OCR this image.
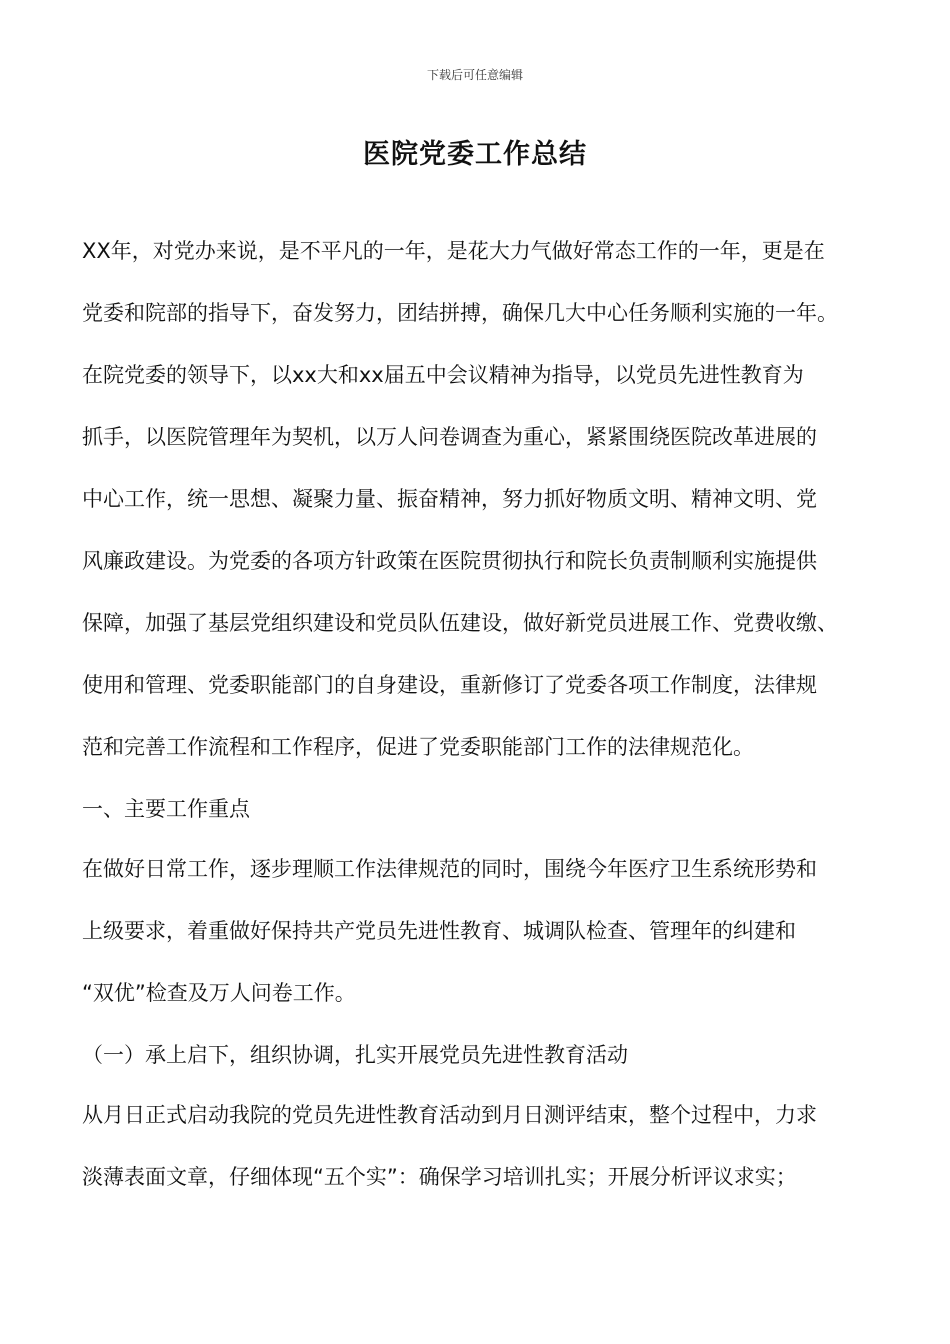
下载后可任意编辑
医院党委工作总结
XX年，对党办来说，是不平凡的一年，是花大力气做好常态工作的一年，更是在
党委和院部的指导下，奋发努力，团结拼搏，确保几大中心任务顺利实施的一年。
在院党委的领导下，以xx大和xx届五中会议精神为指导，以党员先进性教育为
抓手，以医院管理年为契机，以万人问卷调查为重心，紧紧围绕医院改革进展的
中心工作，统一思想、凝聚力量、振奋精神，努力抓好物质文明、精神文明、党
风廉政建设。为党委的各项方针政策在医院贯彻执行和院长负责制顺利实施提供
保障，加强了基层党组织建设和党员队伍建设，做好新党员进展工作、党费收缴、
使用和管理、党委职能部门的自身建设，重新修订了党委各项工作制度，法律规
范和完善工作流程和工作程序，促进了党委职能部门工作的法律规范化。
一、主要工作重点
在做好日常工作，逐步理顺工作法律规范的同时，围绕今年医疗卫生系统形势和
上级要求，着重做好保持共产党员先进性教育、城调队检查、管理年的纠建和
“双优”检查及万人问卷工作。
（一）承上启下，组织协调，扎实开展党员先进性教育活动
从月日正式启动我院的党员先进性教育活动到月日测评结束，整个过程中，力求
淡薄表面文章，仔细体现“五个实”：确保学习培训扎实；开展分析评议求实；
